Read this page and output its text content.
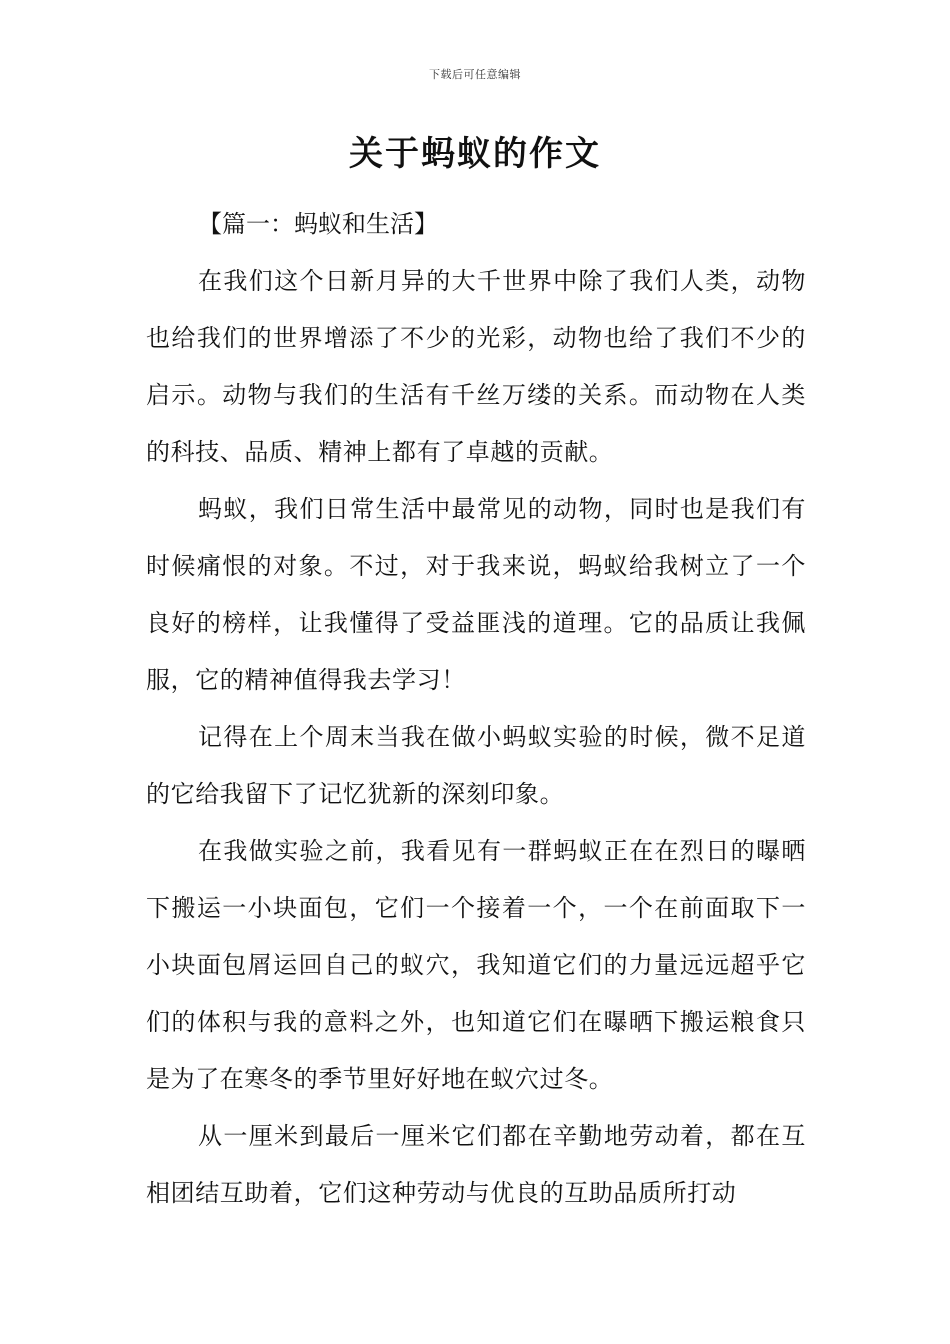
下载后可任意编辑
关于蚂蚁的作文

【篇一：蚂蚁和生活】

在我们这个日新月异的大千世界中除了我们人类，动物也给我们的世界增添了不少的光彩，动物也给了我们不少的启示。动物与我们的生活有千丝万缕的关系。而动物在人类的科技、品质、精神上都有了卓越的贡献。

蚂蚁，我们日常生活中最常见的动物，同时也是我们有时候痛恨的对象。不过，对于我来说，蚂蚁给我树立了一个良好的榜样，让我懂得了受益匪浅的道理。它的品质让我佩服，它的精神值得我去学习！

记得在上个周末当我在做小蚂蚁实验的时候，微不足道的它给我留下了记忆犹新的深刻印象。

在我做实验之前，我看见有一群蚂蚁正在在烈日的曝晒下搬运一小块面包，它们一个接着一个，一个在前面取下一小块面包屑运回自己的蚁穴，我知道它们的力量远远超乎它们的体积与我的意料之外，也知道它们在曝晒下搬运粮食只是为了在寒冬的季节里好好地在蚁穴过冬。

从一厘米到最后一厘米它们都在辛勤地劳动着，都在互相团结互助着，它们这种劳动与优良的互助品质所打动
